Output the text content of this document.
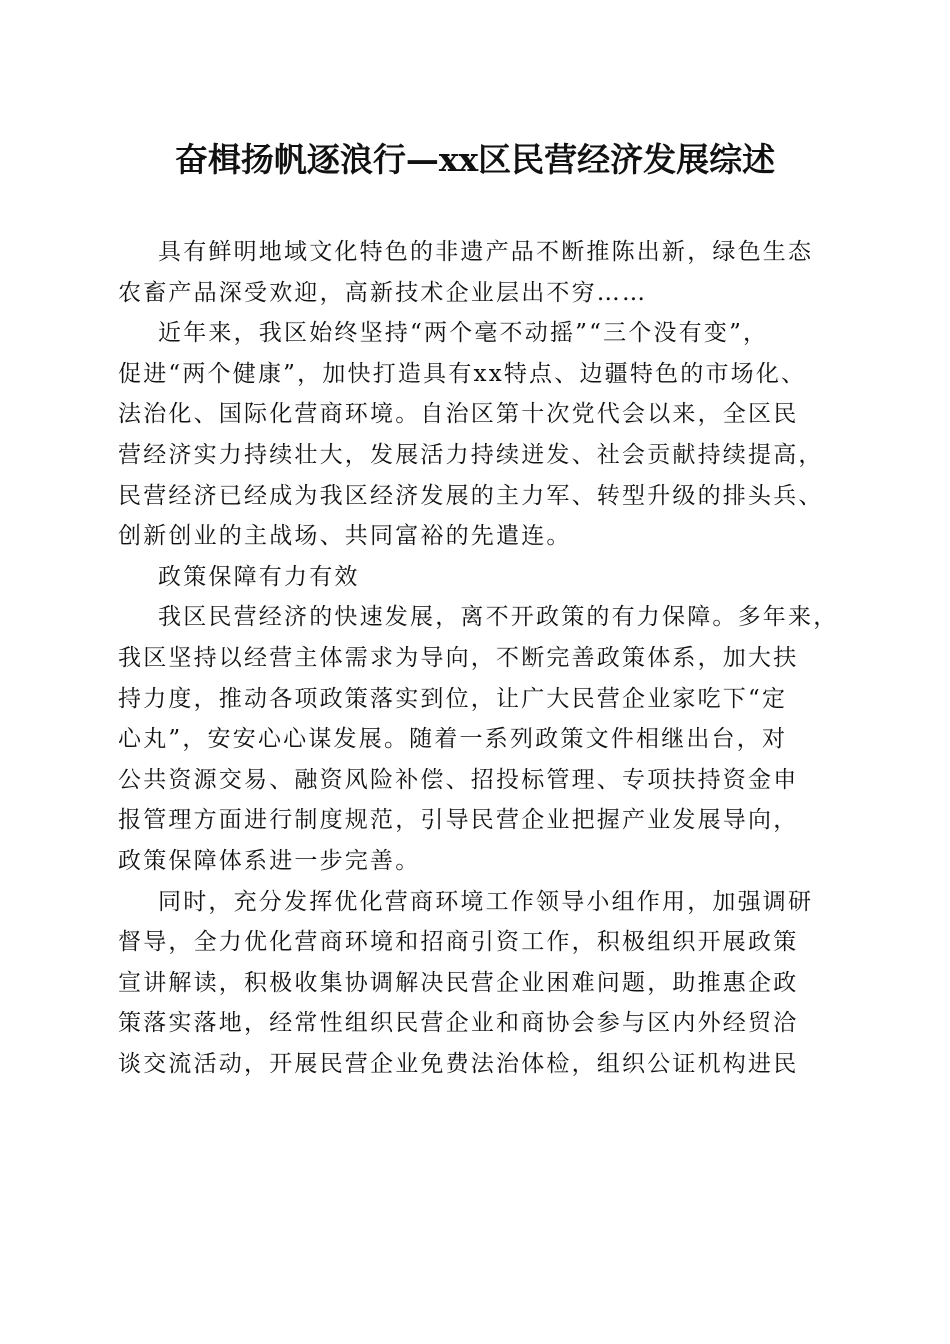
奋楫扬帆逐浪行—xx区民营经济发展综述
具有鲜明地域文化特色的非遗产品不断推陈出新，绿色生态
农畜产品深受欢迎，高新技术企业层出不穷……
近年来，我区始终坚持“两个毫不动摇”“三个没有变”，
促进“两个健康”，加快打造具有xx特点、边疆特色的市场化、
法治化、国际化营商环境。自治区第十次党代会以来，全区民
营经济实力持续壮大，发展活力持续迸发、社会贡献持续提高，
民营经济已经成为我区经济发展的主力军、转型升级的排头兵、
创新创业的主战场、共同富裕的先遣连。
政策保障有力有效
我区民营经济的快速发展，离不开政策的有力保障。多年来，
我区坚持以经营主体需求为导向，不断完善政策体系，加大扶
持力度，推动各项政策落实到位，让广大民营企业家吃下“定
心丸”，安安心心谋发展。随着一系列政策文件相继出台，对
公共资源交易、融资风险补偿、招投标管理、专项扶持资金申
报管理方面进行制度规范，引导民营企业把握产业发展导向，
政策保障体系进一步完善。
同时，充分发挥优化营商环境工作领导小组作用，加强调研
督导，全力优化营商环境和招商引资工作，积极组织开展政策
宣讲解读，积极收集协调解决民营企业困难问题，助推惠企政
策落实落地，经常性组织民营企业和商协会参与区内外经贸洽
谈交流活动，开展民营企业免费法治体检，组织公证机构进民
